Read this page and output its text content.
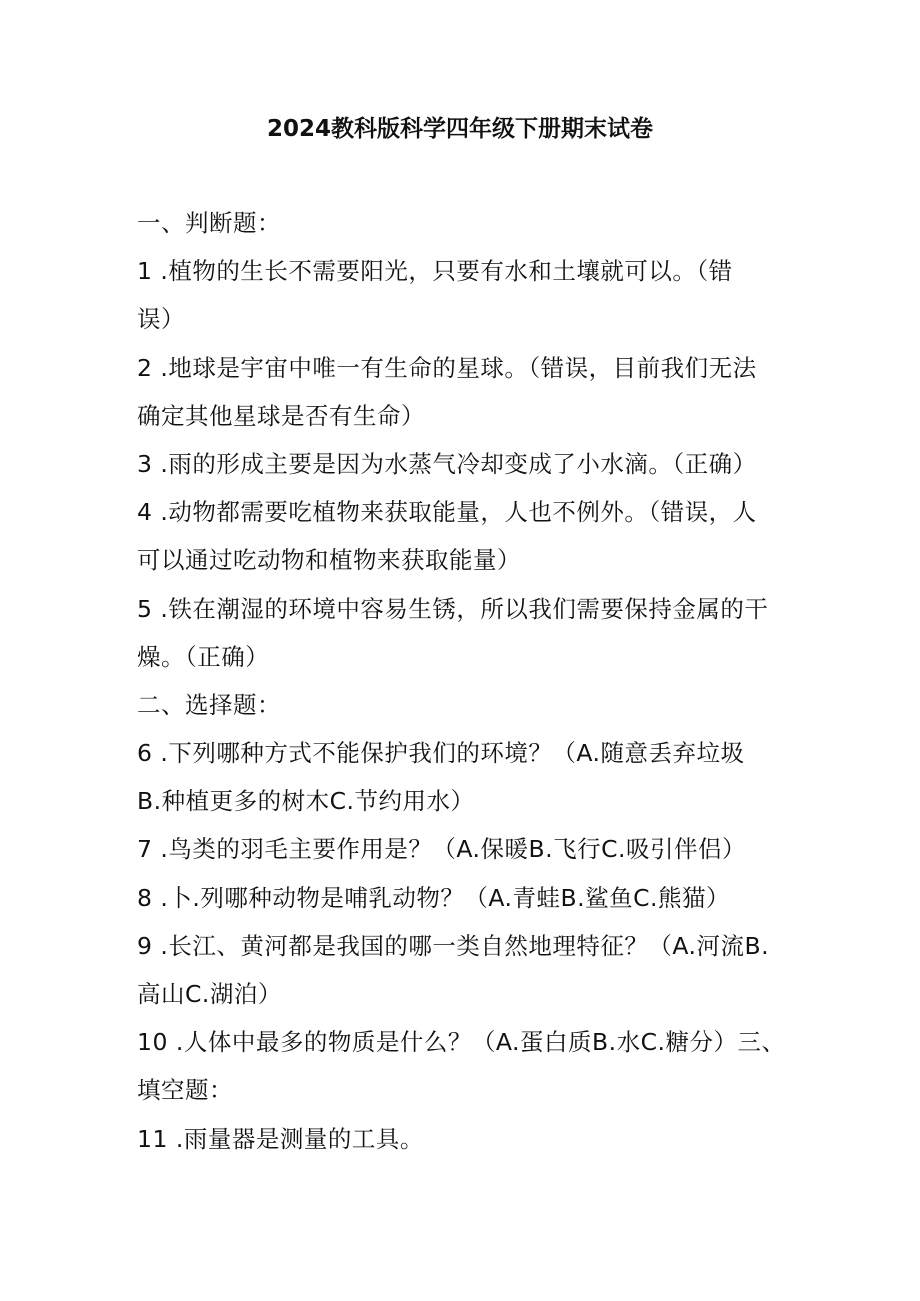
2024教科版科学四年级下册期末试卷
一、判断题：
1 .植物的生长不需要阳光，只要有水和土壤就可以。（错
误）
2 .地球是宇宙中唯一有生命的星球。（错误，目前我们无法
确定其他星球是否有生命）
3 .雨的形成主要是因为水蒸气冷却变成了小水滴。（正确）
4 .动物都需要吃植物来获取能量，人也不例外。（错误，人
可以通过吃动物和植物来获取能量）
5 .铁在潮湿的环境中容易生锈，所以我们需要保持金属的干
燥。（正确）
二、选择题：
6 .下列哪种方式不能保护我们的环境？（A.随意丢弃垃圾
B.种植更多的树木C.节约用水）
7 .鸟类的羽毛主要作用是？（A.保暖B.飞行C.吸引伴侣）
8 .卜.列哪种动物是哺乳动物？（A.青蛙B.鲨鱼C.熊猫）
9 .长江、黄河都是我国的哪一类自然地理特征？（A.河流B.
高山C.湖泊）
10 .人体中最多的物质是什么？（A.蛋白质B.水C.糖分）三、
填空题：
11 .雨量器是测量的工具。
